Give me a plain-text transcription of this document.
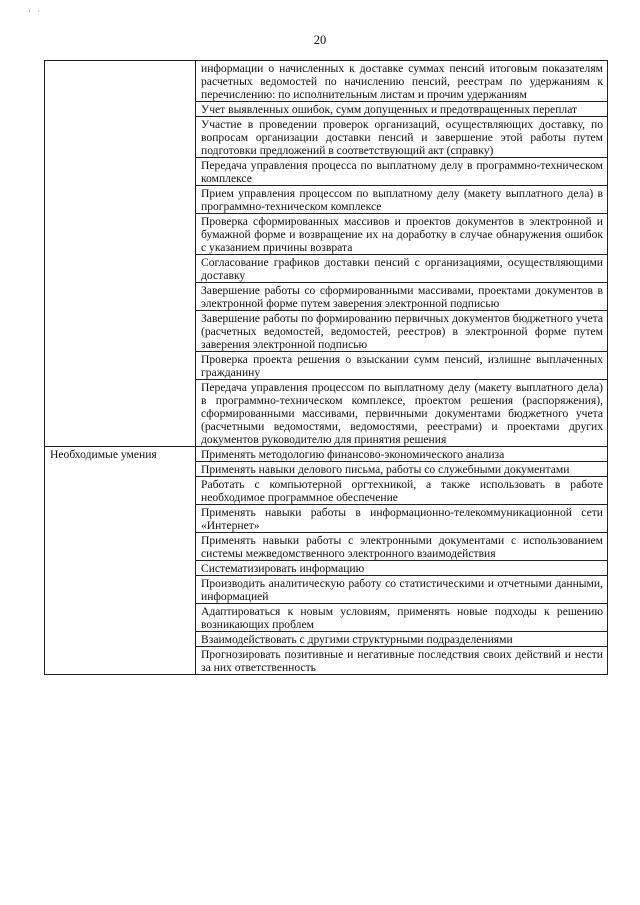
· ·
20
	информации о начисленных к доставке суммах пенсий итоговым показателям расчетных ведомостей по начислению пенсий, реестрам по удержаниям к перечислению: по исполнительным листам и прочим удержаниям
	Учет выявленных ошибок, сумм допущенных и предотвращенных переплат
	Участие в проведении проверок организаций, осуществляющих доставку, по вопросам организации доставки пенсий и завершение этой работы путем подготовки предложений в соответствующий акт (справку)
	Передача управления процесса по выплатному делу в программно-техническом комплексе
	Прием управления процессом по выплатному делу (макету выплатного дела) в программно-техническом комплексе
	Проверка сформированных массивов и проектов документов в электронной и бумажной форме и возвращение их на доработку в случае обнаружения ошибок с указанием причины возврата
	Согласование графиков доставки пенсий с организациями, осуществляющими доставку
	Завершение работы со сформированными массивами, проектами документов в электронной форме путем заверения электронной подписью
	Завершение работы по формированию первичных документов бюджетного учета (расчетных ведомостей, ведомостей, реестров) в электронной форме путем заверения электронной подписью
	Проверка проекта решения о взыскании сумм пенсий, излишне выплаченных гражданину
	Передача управления процессом по выплатному делу (макету выплатного дела) в программно-техническом комплексе, проектом решения (распоряжения), сформированными массивами, первичными документами бюджетного учета (расчетными ведомостями, ведомостями, реестрами) и проектами других документов руководителю для принятия решения
Необходимые умения	Применять методологию финансово-экономического анализа
	Применять навыки делового письма, работы со служебными документами
	Работать с компьютерной оргтехникой, а также использовать в работе необходимое программное обеспечение
	Применять навыки работы в информационно-телекоммуникационной сети «Интернет»
	Применять навыки работы с электронными документами с использованием системы межведомственного электронного взаимодействия
	Систематизировать информацию
	Производить аналитическую работу со статистическими и отчетными данными, информацией
	Адаптироваться к новым условиям, применять новые подходы к решению возникающих проблем
	Взаимодействовать с другими структурными подразделениями
	Прогнозировать позитивные и негативные последствия своих действий и нести за них ответственность
